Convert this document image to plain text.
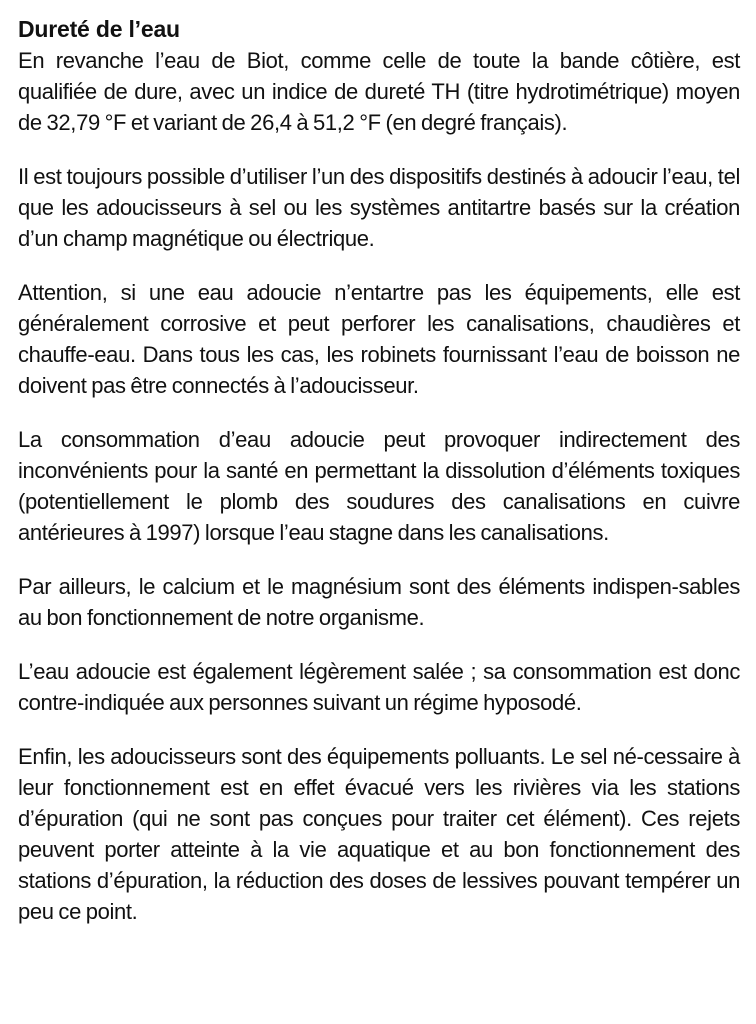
Dureté de l’eau

En revanche l’eau de Biot, comme celle de toute la bande côtière, est qualifiée de dure, avec un indice de dureté TH (titre hydrotimétrique) moyen de 32,79 °F et variant de 26,4 à 51,2 °F (en degré français).

Il est toujours possible d’utiliser l’un des dispositifs destinés à adoucir l’eau, tel que les adoucisseurs à sel ou les systèmes antitartre basés sur la création d’un champ magnétique ou électrique.

Attention, si une eau adoucie n’entartre pas les équipements, elle est généralement corrosive et peut perforer les canalisations, chaudières et chauffe-eau. Dans tous les cas, les robinets fournissant l’eau de boisson ne doivent pas être connectés à l’adoucisseur.

La consommation d’eau adoucie peut provoquer indirectement des inconvénients pour la santé en permettant la dissolution d’éléments toxiques (potentiellement le plomb des soudures des canalisations en cuivre antérieures à 1997) lorsque l’eau stagne dans les canalisations.

Par ailleurs, le calcium et le magnésium sont des éléments indispen-sables au bon fonctionnement de notre organisme.

L’eau adoucie est également légèrement salée ; sa consommation est donc contre-indiquée aux personnes suivant un régime hyposodé.

Enfin, les adoucisseurs sont des équipements polluants. Le sel né-cessaire à leur fonctionnement est en effet évacué vers les rivières via les stations d’épuration (qui ne sont pas conçues pour traiter cet élément). Ces rejets peuvent porter atteinte à la vie aquatique et au bon fonctionnement des stations d’épuration, la réduction des doses de lessives pouvant tempérer un peu ce point.
